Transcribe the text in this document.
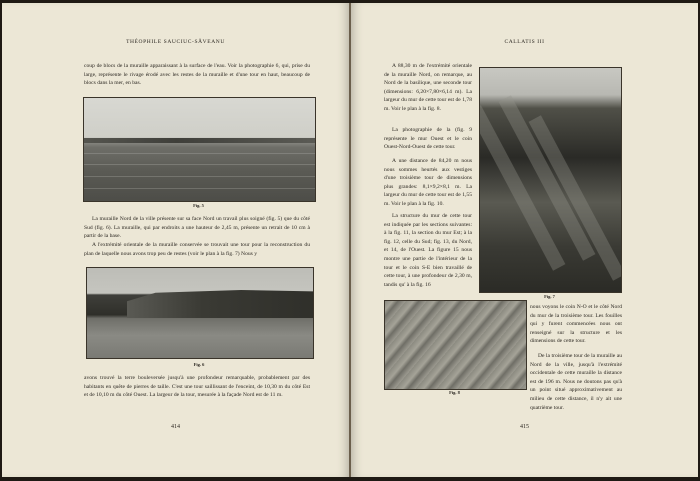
THÉOPHILE SAUCIUC-SĂVEANU

coup de blocs de la muraille apparaissant à la surface de l'eau. Voir la photographie 6, qui, prise du large, représente le rivage érodé avec les restes de la muraille et d'une tour en haut, beaucoup de blocs dans la mer, en bas.

Fig. 5

La muraille Nord de la ville présente sur sa face Nord un travail plus soigné (fig. 5) que du côté Sud (fig. 6). La muraille, qui par endroits a une hauteur de 2,45 m, présente un retrait de 10 cm à partir de la base.

A l'extrémité orientale de la muraille conservée se trouvait une tour pour la reconstruction du plan de laquelle nous avons trop peu de restes (voir le plan à la fig. 7) Nous y

Fig. 6

avons trouvé la terre bouleversée jusqu'à une profondeur remarquable, probablement par des habitants en quête de pierres de taille. C'est une tour saillissant de l'enceint, de 10,30 m du côté Est et de 10,10 m du côté Ouest. La largeur de la tour, mesurée à la façade Nord est de 11 m.

414
CALLATIS III

A 88,30 m de l'extrémité orientale de la muraille Nord, on remarque, au Nord de la basilique, une seconde tour (dimensions: 6,20×7,80×6,14 m). La largeur du mur de cette tour est de 1,78 m. Voir le plan à la fig. 8.

La photographie de la (fig. 9 représente le mur Ouest et le coin Ouest-Nord-Ouest de cette tour.

A une distance de 84,20 m nous nous sommes heurtés aux vestiges d'une troisième tour de dimensions plus grandes: 8,1×9,2×8,1 m. La largeur du mur de cette tour est de 1,55 m. Voir le plan à la fig. 10.

La structure du mur de cette tour est indiquée par les sections suivantes: à la fig. 11, la section du mur Est; à la fig. 12, celle du Sud; fig. 13, du Nord, et 14, de l'Ouest. La figure 15 nous montre une partie de l'intérieur de la tour et le coin S-E bien travaillé de cette tour, à une profondeur de 2,30 m, tandis qu' à la fig. 16

Fig. 7
Fig. 8

nous voyons le coin N-O et le côté Nord du mur de la troisième tour. Les fouilles qui y furent commencées nous ont renseigné sur la structure et les dimensions de cette tour.

De la troisième tour de la muraille au Nord de la ville, jusqu'à l'extrémité occidentale de cette muraille la distance est de 196 m. Nous ne doutons pas qu'à un point situé approximativement au milieu de cette distance, il n'y ait une quatrième tour.

415
